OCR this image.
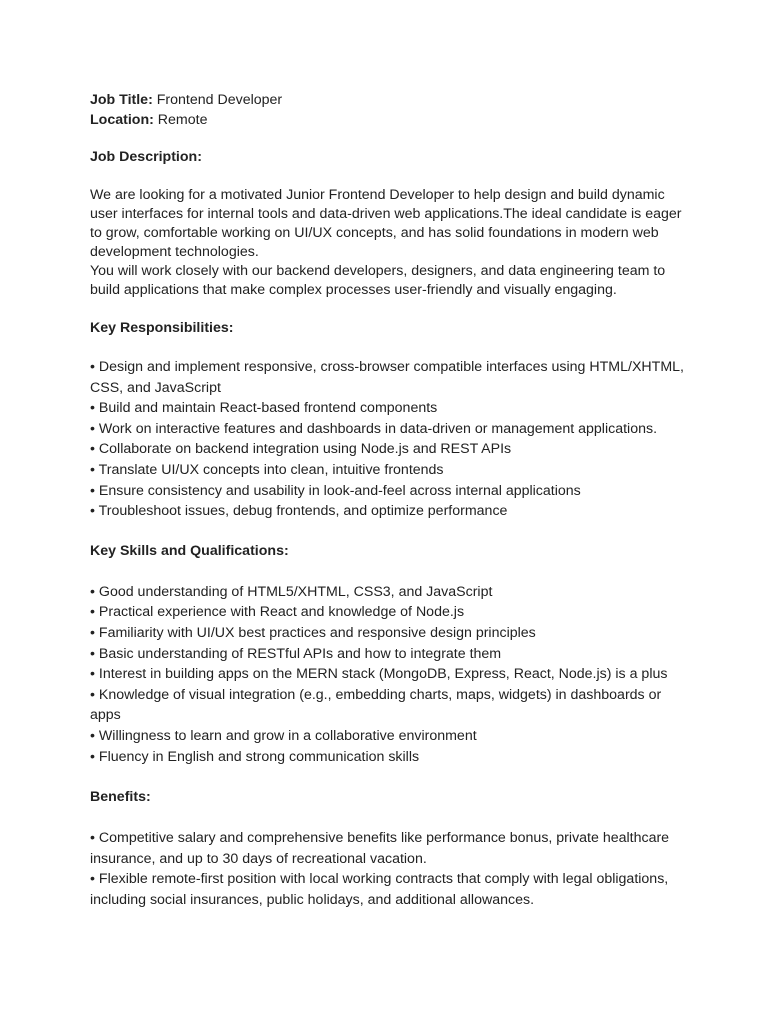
Job Title: Frontend Developer
Location: Remote
Job Description:
We are looking for a motivated Junior Frontend Developer to help design and build dynamic user interfaces for internal tools and data-driven web applications.The ideal candidate is eager to grow, comfortable working on UI/UX concepts, and has solid foundations in modern web development technologies.
You will work closely with our backend developers, designers, and data engineering team to build applications that make complex processes user-friendly and visually engaging.
Key Responsibilities:
• Design and implement responsive, cross-browser compatible interfaces using HTML/XHTML, CSS, and JavaScript
• Build and maintain React-based frontend components
• Work on interactive features and dashboards in data-driven or management applications.
• Collaborate on backend integration using Node.js and REST APIs
• Translate UI/UX concepts into clean, intuitive frontends
• Ensure consistency and usability in look-and-feel across internal applications
• Troubleshoot issues, debug frontends, and optimize performance
Key Skills and Qualifications:
• Good understanding of HTML5/XHTML, CSS3, and JavaScript
• Practical experience with React and knowledge of Node.js
• Familiarity with UI/UX best practices and responsive design principles
• Basic understanding of RESTful APIs and how to integrate them
• Interest in building apps on the MERN stack (MongoDB, Express, React, Node.js) is a plus
• Knowledge of visual integration (e.g., embedding charts, maps, widgets) in dashboards or apps
• Willingness to learn and grow in a collaborative environment
• Fluency in English and strong communication skills
Benefits:
• Competitive salary and comprehensive benefits like performance bonus, private healthcare insurance, and up to 30 days of recreational vacation.
• Flexible remote-first position with local working contracts that comply with legal obligations, including social insurances, public holidays, and additional allowances.
